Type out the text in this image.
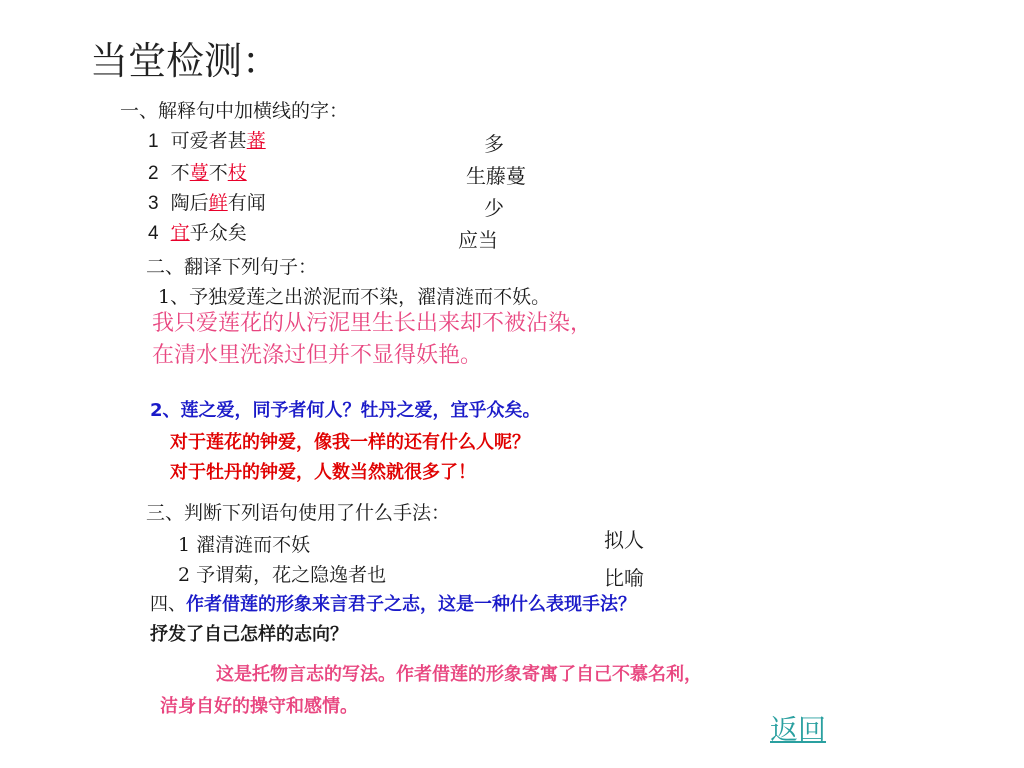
当堂检测：
一、解释句中加横线的字：
1 可爱者甚蕃
2 不蔓不枝
3 陶后鲜有闻
4 宜乎众矣
多
生藤蔓
少
应当
二、翻译下列句子：
1、予独爱莲之出淤泥而不染，濯清涟而不妖。
我只爱莲花的从污泥里生长出来却不被沾染，
在清水里洗涤过但并不显得妖艳。
2、莲之爱，同予者何人？牡丹之爱，宜乎众矣。
对于莲花的钟爱，像我一样的还有什么人呢？
对于牡丹的钟爱，人数当然就很多了！
三、判断下列语句使用了什么手法：
1 濯清涟而不妖
2 予谓菊，花之隐逸者也
拟人
比喻
四、作者借莲的形象来言君子之志，这是一种什么表现手法？
抒发了自己怎样的志向？
这是托物言志的写法。作者借莲的形象寄寓了自己不慕名利，
洁身自好的操守和感情。
返回
